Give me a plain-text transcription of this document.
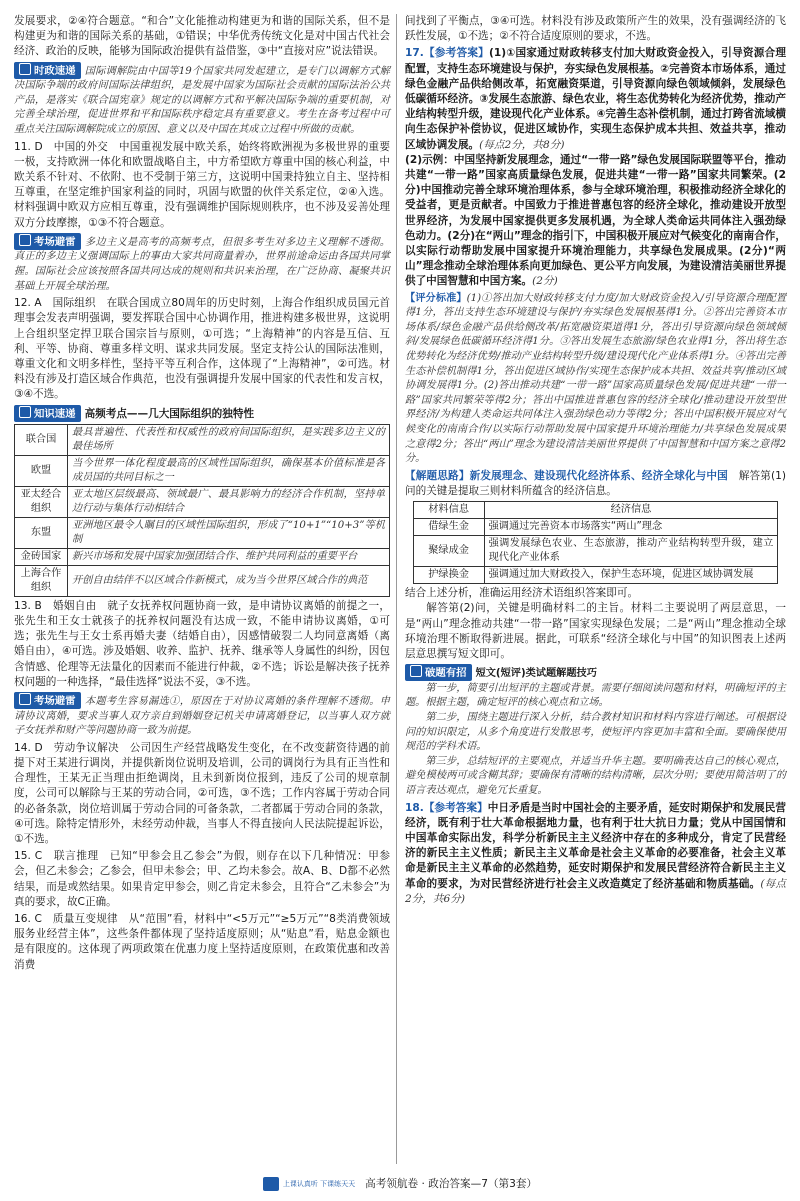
发展要求，②④符合题意。“和合”文化能推动构建更为和谐的国际关系，但不是构建更为和谐的国际关系的基础，①错误；中华优秀传统文化是对中国古代社会经济、政治的反映，能够为国际政治提供有益借鉴，③中“直接对应”说法错误。

时政速递 国际调解院由中国等19个国家共同发起建立，是专门以调解方式解决国际争端的政府间国际法律组织，是发展中国家为国际社会贡献的国际法治公共产品，是落实《联合国宪章》规定的以调解方式和平解决国际争端的重要机制，对完善全球治理，促进世界和平和国际秩序稳定具有重要意义。考生在备考过程中可重点关注国际调解院成立的原因、意义以及中国在其成立过程中所做的贡献。

11. D　中国的外交　中国重视发展中欧关系，始终将欧洲视为多极世界的重要一极，支持欧洲一体化和欧盟战略自主，中方希望欧方尊重中国的核心利益，中欧关系不针对、不依附、也不受制于第三方，这说明中国秉持独立自主、坚持相互尊重，在坚定维护国家利益的同时，巩固与欧盟的伙伴关系定位，②④入选。材料强调中欧双方应相互尊重，没有强调维护国际规则秩序，也不涉及妥善处理双方分歧摩擦，①③不符合题意。

考场避雷 多边主义是高考的高频考点，但很多考生对多边主义理解不透彻。真正的多边主义强调国际上的事由大家共同商量着办，世界前途命运由各国共同掌握。国际社会应该按照各国共同达成的规则和共识来治理，在广泛协商、凝聚共识基础上开展全球治理。

12. A　国际组织　在联合国成立80周年的历史时刻，上海合作组织成员国元首理事会发表声明强调，要发挥联合国中心协调作用，推进构建多极世界，这说明上合组织坚定捍卫联合国宗旨与原则，①可选；“上海精神”的内容是互信、互利、平等、协商、尊重多样文明、谋求共同发展。坚定支持公认的国际法准则，尊重文化和文明多样性，坚持平等互利合作，这体现了“上海精神”，②可选。材料没有涉及打造区域合作典范，也没有强调提升发展中国家的代表性和发言权，③④不选。

知识速递 高频考点——几大国际组织的独特性
联合国	最具普遍性、代表性和权威性的政府间国际组织，是实践多边主义的最佳场所
欧盟	当今世界一体化程度最高的区域性国际组织，确保基本价值标准是各成员国的共同目标之一
亚太经合组织	亚太地区层级最高、领域最广、最具影响力的经济合作机制，坚持单边行动与集体行动相结合
东盟	亚洲地区最令人瞩目的区域性国际组织，形成了“10+1”“10+3”等机制
金砖国家	新兴市场和发展中国家加强团结合作、维护共同利益的重要平台
上海合作组织	开创自由结伴不以区域合作新模式，成为当今世界区域合作的典范

13. B　婚姻自由　就子女抚养权问题协商一致，是申请协议离婚的前提之一，张先生和王女士就孩子的抚养权问题没有达成一致，不能申请协议离婚，①可选；张先生与王女士系再婚夫妻（结婚自由），因感情破裂二人均同意离婚（离婚自由），④可选。涉及婚姻、收养、监护、抚养、继承等人身属性的纠纷，因包含情感、伦理等无法量化的因素而不能进行仲裁，②不选；诉讼是解决孩子抚养权问题的一种选择，“最佳选择”说法不妥，③不选。

考场避雷 本题考生容易漏选①，原因在于对协议离婚的条件理解不透彻。申请协议离婚，要求当事人双方亲自到婚姻登记机关申请离婚登记，以当事人双方就子女抚养和财产等问题协商一致为前提。

14. D　劳动争议解决　公司因生产经营战略发生变化，在不改变薪资待遇的前提下对王某进行调岗，并提供新岗位说明及培训，公司的调岗行为具有正当性和合理性，王某无正当理由拒绝调岗，且未到新岗位报到，违反了公司的规章制度，公司可以解除与王某的劳动合同，②可选，③不选；工作内容属于劳动合同的必备条款，岗位培训属于劳动合同的可备条款，二者都属于劳动合同的条款，④可选。除特定情形外，未经劳动仲裁，当事人不得直接向人民法院提起诉讼，①不选。

15. C　联言推理　已知“甲参会且乙参会”为假，则存在以下几种情况：甲参会，但乙未参会；乙参会，但甲未参会；甲、乙均未参会。故A、B、D都不必然结果，而是或然结果。如果肯定甲参会，则乙肯定未参会，且符合“乙未参会”为真的要求，故C正确。

16. C　质量互变规律　从“范围”看，材料中“<5万元”“≥5万元”“8类消费领域服务业经营主体”，这些条件都体现了坚持适度原则；从“贴息”看，贴息金额也是有限度的。这体现了两项政策在优惠力度上坚持适度原则，在政策优惠和改善消费

间找到了平衡点，③④可选。材料没有涉及政策所产生的效果，没有强调经济的飞跃性发展，①不选；②不符合适度原则的要求，不选。

17.【参考答案】(1)①国家通过财政转移支付加大财政资金投入，引导资源合理配置，支持生态环境建设与保护，夯实绿色发展根基。②完善资本市场体系，通过绿色金融产品供给侧改革，拓宽融资渠道，引导资源向绿色领域倾斜，发展绿色低碳循环经济。③发展生态旅游、绿色农业，将生态优势转化为经济优势，推动产业结构转型升级，建设现代化产业体系。④完善生态补偿机制，通过打跨省流域横向生态保护补偿协议，促进区域协作，实现生态保护成本共担、效益共享，推动区域协调发展。(每点2分，共8分)

(2)示例：中国坚持新发展理念，通过“一带一路”绿色发展国际联盟等平台，推动共建“一带一路”国家高质量绿色发展，促进共建“一带一路”国家共同繁荣。(2分)中国推动完善全球环境治理体系，参与全球环境治理，积极推动经济全球化的受益者，更是贡献者。中国致力于推进普惠包容的经济全球化，推动建设开放型世界经济，为发展中国家提供更多发展机遇，为全球人类命运共同体注入强劲绿色动力。(2分)在“两山”理念的指引下，中国积极开展应对气候变化的南南合作，以实际行动帮助发展中国家提升环境治理能力，共享绿色发展成果。(2分)“两山”理念推动全球治理体系向更加绿色、更公平方向发展，为建设清洁美丽世界提供了中国智慧和中国方案。(2分)

【评分标准】(1)①答出加大财政转移支付力度/加大财政资金投入/引导资源合理配置得1分，答出支持生态环境建设与保护/夯实绿色发展根基得1分。②答出完善资本市场体系/绿色金融产品供给侧改革/拓宽融资渠道得1分，答出引导资源向绿色领域倾斜/发展绿色低碳循环经济得1分。③答出发展生态旅游/绿色农业得1分，答出将生态优势转化为经济优势/推动产业结构转型升级/建设现代化产业体系得1分。④答出完善生态补偿机制得1分，答出促进区域协作/实现生态保护成本共担、效益共享/推动区域协调发展得1分。(2)答出推动共建“一带一路”国家高质量绿色发展/促进共建“一带一路”国家共同繁荣等得2分；答出中国推进普惠包容的经济全球化/推动建设开放型世界经济/为构建人类命运共同体注入强劲绿色动力等得2分；答出中国积极开展应对气候变化的南南合作/以实际行动帮助发展中国家提升环境治理能力/共享绿色发展成果之意得2分；答出“两山”理念为建设清洁美丽世界提供了中国智慧和中国方案之意得2分。

【解题思路】新发展理念、建设现代化经济体系、经济全球化与中国　 解答第(1)问的关键是提取三则材料所蕴含的经济信息。

材料信息	经济信息
借绿生金	强调通过完善资本市场落实“两山”理念
聚绿成金	强调发展绿色农业、生态旅游，推动产业结构转型升级，建立现代化产业体系
护绿换金	强调通过加大财政投入，保护生态环境，促进区域协调发展

结合上述分析，准确运用经济术语组织答案即可。

解答第(2)问，关键是明确材料二的主旨。材料二主要说明了两层意思，一是“两山”理念推动共建“一带一路”国家实现绿色发展；二是“两山”理念推动全球环境治理不断取得新进展。据此，可联系“经济全球化与中国”的知识图表上述两层意思撰写短文即可。

破题有招 短文(短评)类试题解题技巧

第一步，简要引出短评的主题或背景。需要仔细阅读问题和材料，明确短评的主题。根据主题，确定短评的核心观点和立场。

第二步，围绕主题进行深入分析，结合教材知识和材料内容进行阐述。可根据设问的知识限定，从多个角度进行发散思考，使短评内容更加丰富和全面。要确保使用规范的学科术语。

第三步，总结短评的主要观点，并适当升华主题。要明确表达自己的核心观点，避免模棱两可或含糊其辞；要确保有清晰的结构清晰，层次分明；要使用简洁明了的语言表达观点，避免冗长重复。

18.【参考答案】中日矛盾是当时中国社会的主要矛盾，延安时期保护和发展民营经济，既有利于壮大革命根据地力量，也有利于壮大抗日力量；党从中国国情和中国革命实际出发，科学分析新民主主义经济中存在的多种成分，肯定了民营经济的新民主主义性质；新民主主义革命是社会主义革命的必要准备，社会主义革命是新民主主义革命的必然趋势，延安时期保护和发展民营经济符合新民主主义革命的要求，为对民营经济进行社会主义改造奠定了经济基础和物质基础。(每点2分，共6分)

上课认真听 下课练天天 高考领航卷 · 政治答案—7（第3套）
